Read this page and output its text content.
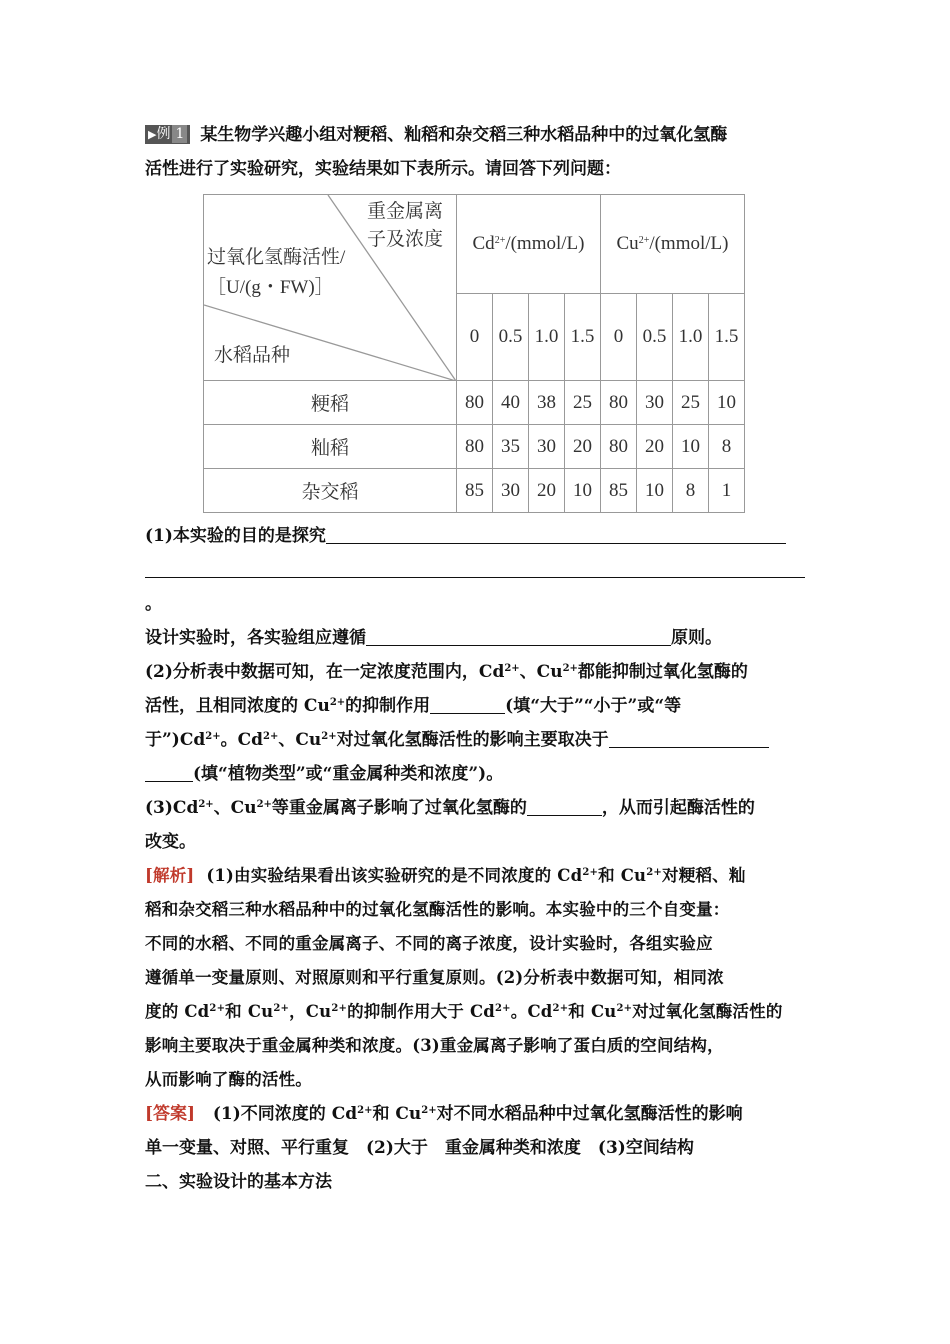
▶例 1 某生物学兴趣小组对粳稻、籼稻和杂交稻三种水稻品种中的过氧化氢酶
活性进行了实验研究，实验结果如下表所示。请回答下列问题：
重金属离
子及浓度
过氧化氢酶活性/
［U/(g・FW)］
水稻品种	$Cd^{2+}/(mmol/L)$				$Cu^{2+}/(mmol/L)$			
	0	0.5	1.0	1.5	0	0.5	1.0	1.5
粳稻	80	40	38	25	80	30	25	10
籼稻	80	35	30	20	80	20	10	8
杂交稻	85	30	20	10	85	10	8	1
(1)本实验的目的是探究
。
设计实验时，各实验组应遵循	原则。
(2)分析表中数据可知，在一定浓度范围内，$Cd^{2+}$、$Cu^{2+}$都能抑制过氧化氢酶的
活性，且相同浓度的 $Cu^{2+}$的抑制作用	(填“大于”“小于”或“等
于$”)Cd^{2+}$。$Cd^{2+}$、$Cu^{2+}$对过氧化氢酶活性的影响主要取决于
(填“植物类型”或“重金属种类和浓度”)。
$(3)Cd^{2+}$、$Cu^{2+}$等重金属离子影响了过氧化氢酶的	，从而引起酶活性的
改变。
[解析] (1)由实验结果看出该实验研究的是不同浓度的 $Cd^{2+}$和 $Cu^{2+}$对粳稻、籼
稻和杂交稻三种水稻品种中的过氧化氢酶活性的影响。本实验中的三个自变量：
不同的水稻、不同的重金属离子、不同的离子浓度，设计实验时，各组实验应
遵循单一变量原则、对照原则和平行重复原则。(2)分析表中数据可知，相同浓
度的 $Cd^{2+}$和 $Cu^{2+}$，$Cu^{2+}$的抑制作用大于 $Cd^{2+}$。$Cd^{2+}$和 $Cu^{2+}$对过氧化氢酶活性的
影响主要取决于重金属种类和浓度。(3)重金属离子影响了蛋白质的空间结构，
从而影响了酶的活性。
[答案] (1)不同浓度的 $Cd^{2+}$和 $Cu^{2+}$对不同水稻品种中过氧化氢酶活性的影响
单一变量、对照、平行重复　(2)大于　重金属种类和浓度　(3)空间结构
二、实验设计的基本方法
